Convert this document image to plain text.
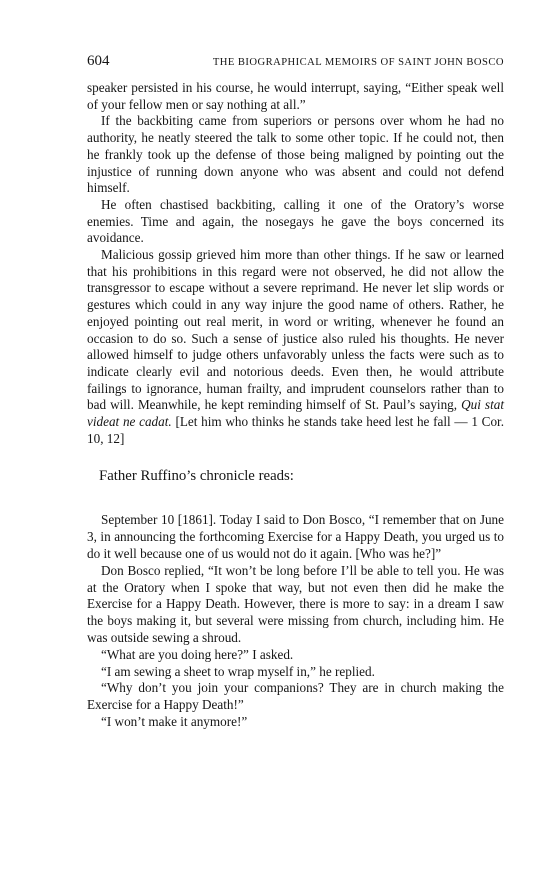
604	THE BIOGRAPHICAL MEMOIRS OF SAINT JOHN BOSCO

speaker persisted in his course, he would interrupt, saying, “Either speak well of your fellow men or say nothing at all.”

If the backbiting came from superiors or persons over whom he had no authority, he neatly steered the talk to some other topic. If he could not, then he frankly took up the defense of those being maligned by pointing out the injustice of running down anyone who was absent and could not defend himself.

He often chastised backbiting, calling it one of the Oratory’s worse enemies. Time and again, the nosegays he gave the boys concerned its avoidance.

Malicious gossip grieved him more than other things. If he saw or learned that his prohibitions in this regard were not observed, he did not allow the transgressor to escape without a severe reprimand. He never let slip words or gestures which could in any way injure the good name of others. Rather, he enjoyed pointing out real merit, in word or writing, whenever he found an occasion to do so. Such a sense of justice also ruled his thoughts. He never allowed himself to judge others unfavorably unless the facts were such as to indicate clearly evil and notorious deeds. Even then, he would attribute failings to ignorance, human frailty, and imprudent counselors rather than to bad will. Meanwhile, he kept reminding himself of St. Paul’s saying, Qui stat videat ne cadat. [Let him who thinks he stands take heed lest he fall — 1 Cor. 10, 12]

Father Ruffino’s chronicle reads:

September 10 [1861]. Today I said to Don Bosco, “I remember that on June 3, in announcing the forthcoming Exercise for a Happy Death, you urged us to do it well because one of us would not do it again. [Who was he?]”

Don Bosco replied, “It won’t be long before I’ll be able to tell you. He was at the Oratory when I spoke that way, but not even then did he make the Exercise for a Happy Death. However, there is more to say: in a dream I saw the boys making it, but several were missing from church, including him. He was outside sewing a shroud.

“What are you doing here?” I asked.

“I am sewing a sheet to wrap myself in,” he replied.

“Why don’t you join your companions? They are in church making the Exercise for a Happy Death!”

“I won’t make it anymore!”
